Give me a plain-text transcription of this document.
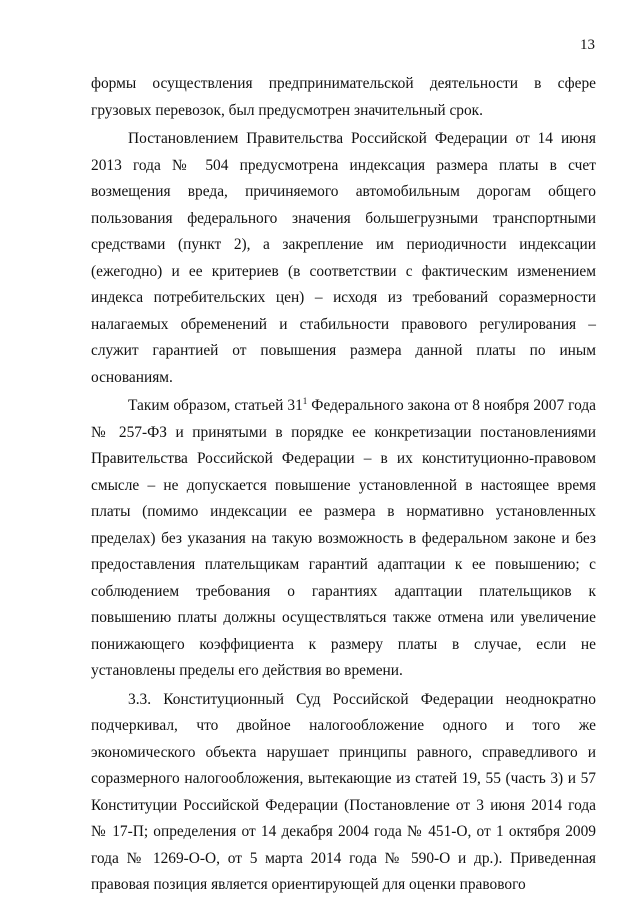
13

формы осуществления предпринимательской деятельности в сфере грузовых перевозок, был предусмотрен значительный срок.

Постановлением Правительства Российской Федерации от 14 июня 2013 года № 504 предусмотрена индексация размера платы в счет возмещения вреда, причиняемого автомобильным дорогам общего пользования федерального значения большегрузными транспортными средствами (пункт 2), а закрепление им периодичности индексации (ежегодно) и ее критериев (в соответствии с фактическим изменением индекса потребительских цен) – исходя из требований соразмерности налагаемых обременений и стабильности правового регулирования – служит гарантией от повышения размера данной платы по иным основаниям.

Таким образом, статьей $31^1$ Федерального закона от 8 ноября 2007 года № 257-ФЗ и принятыми в порядке ее конкретизации постановлениями Правительства Российской Федерации – в их конституционно-правовом смысле – не допускается повышение установленной в настоящее время платы (помимо индексации ее размера в нормативно установленных пределах) без указания на такую возможность в федеральном законе и без предоставления плательщикам гарантий адаптации к ее повышению; с соблюдением требования о гарантиях адаптации плательщиков к повышению платы должны осуществляться также отмена или увеличение понижающего коэффициента к размеру платы в случае, если не установлены пределы его действия во времени.

3.3. Конституционный Суд Российской Федерации неоднократно подчеркивал, что двойное налогообложение одного и того же экономического объекта нарушает принципы равного, справедливого и соразмерного налогообложения, вытекающие из статей 19, 55 (часть 3) и 57 Конституции Российской Федерации (Постановление от 3 июня 2014 года № 17-П; определения от 14 декабря 2004 года № 451-О, от 1 октября 2009 года № 1269-О-О, от 5 марта 2014 года № 590-О и др.). Приведенная правовая позиция является ориентирующей для оценки правового
